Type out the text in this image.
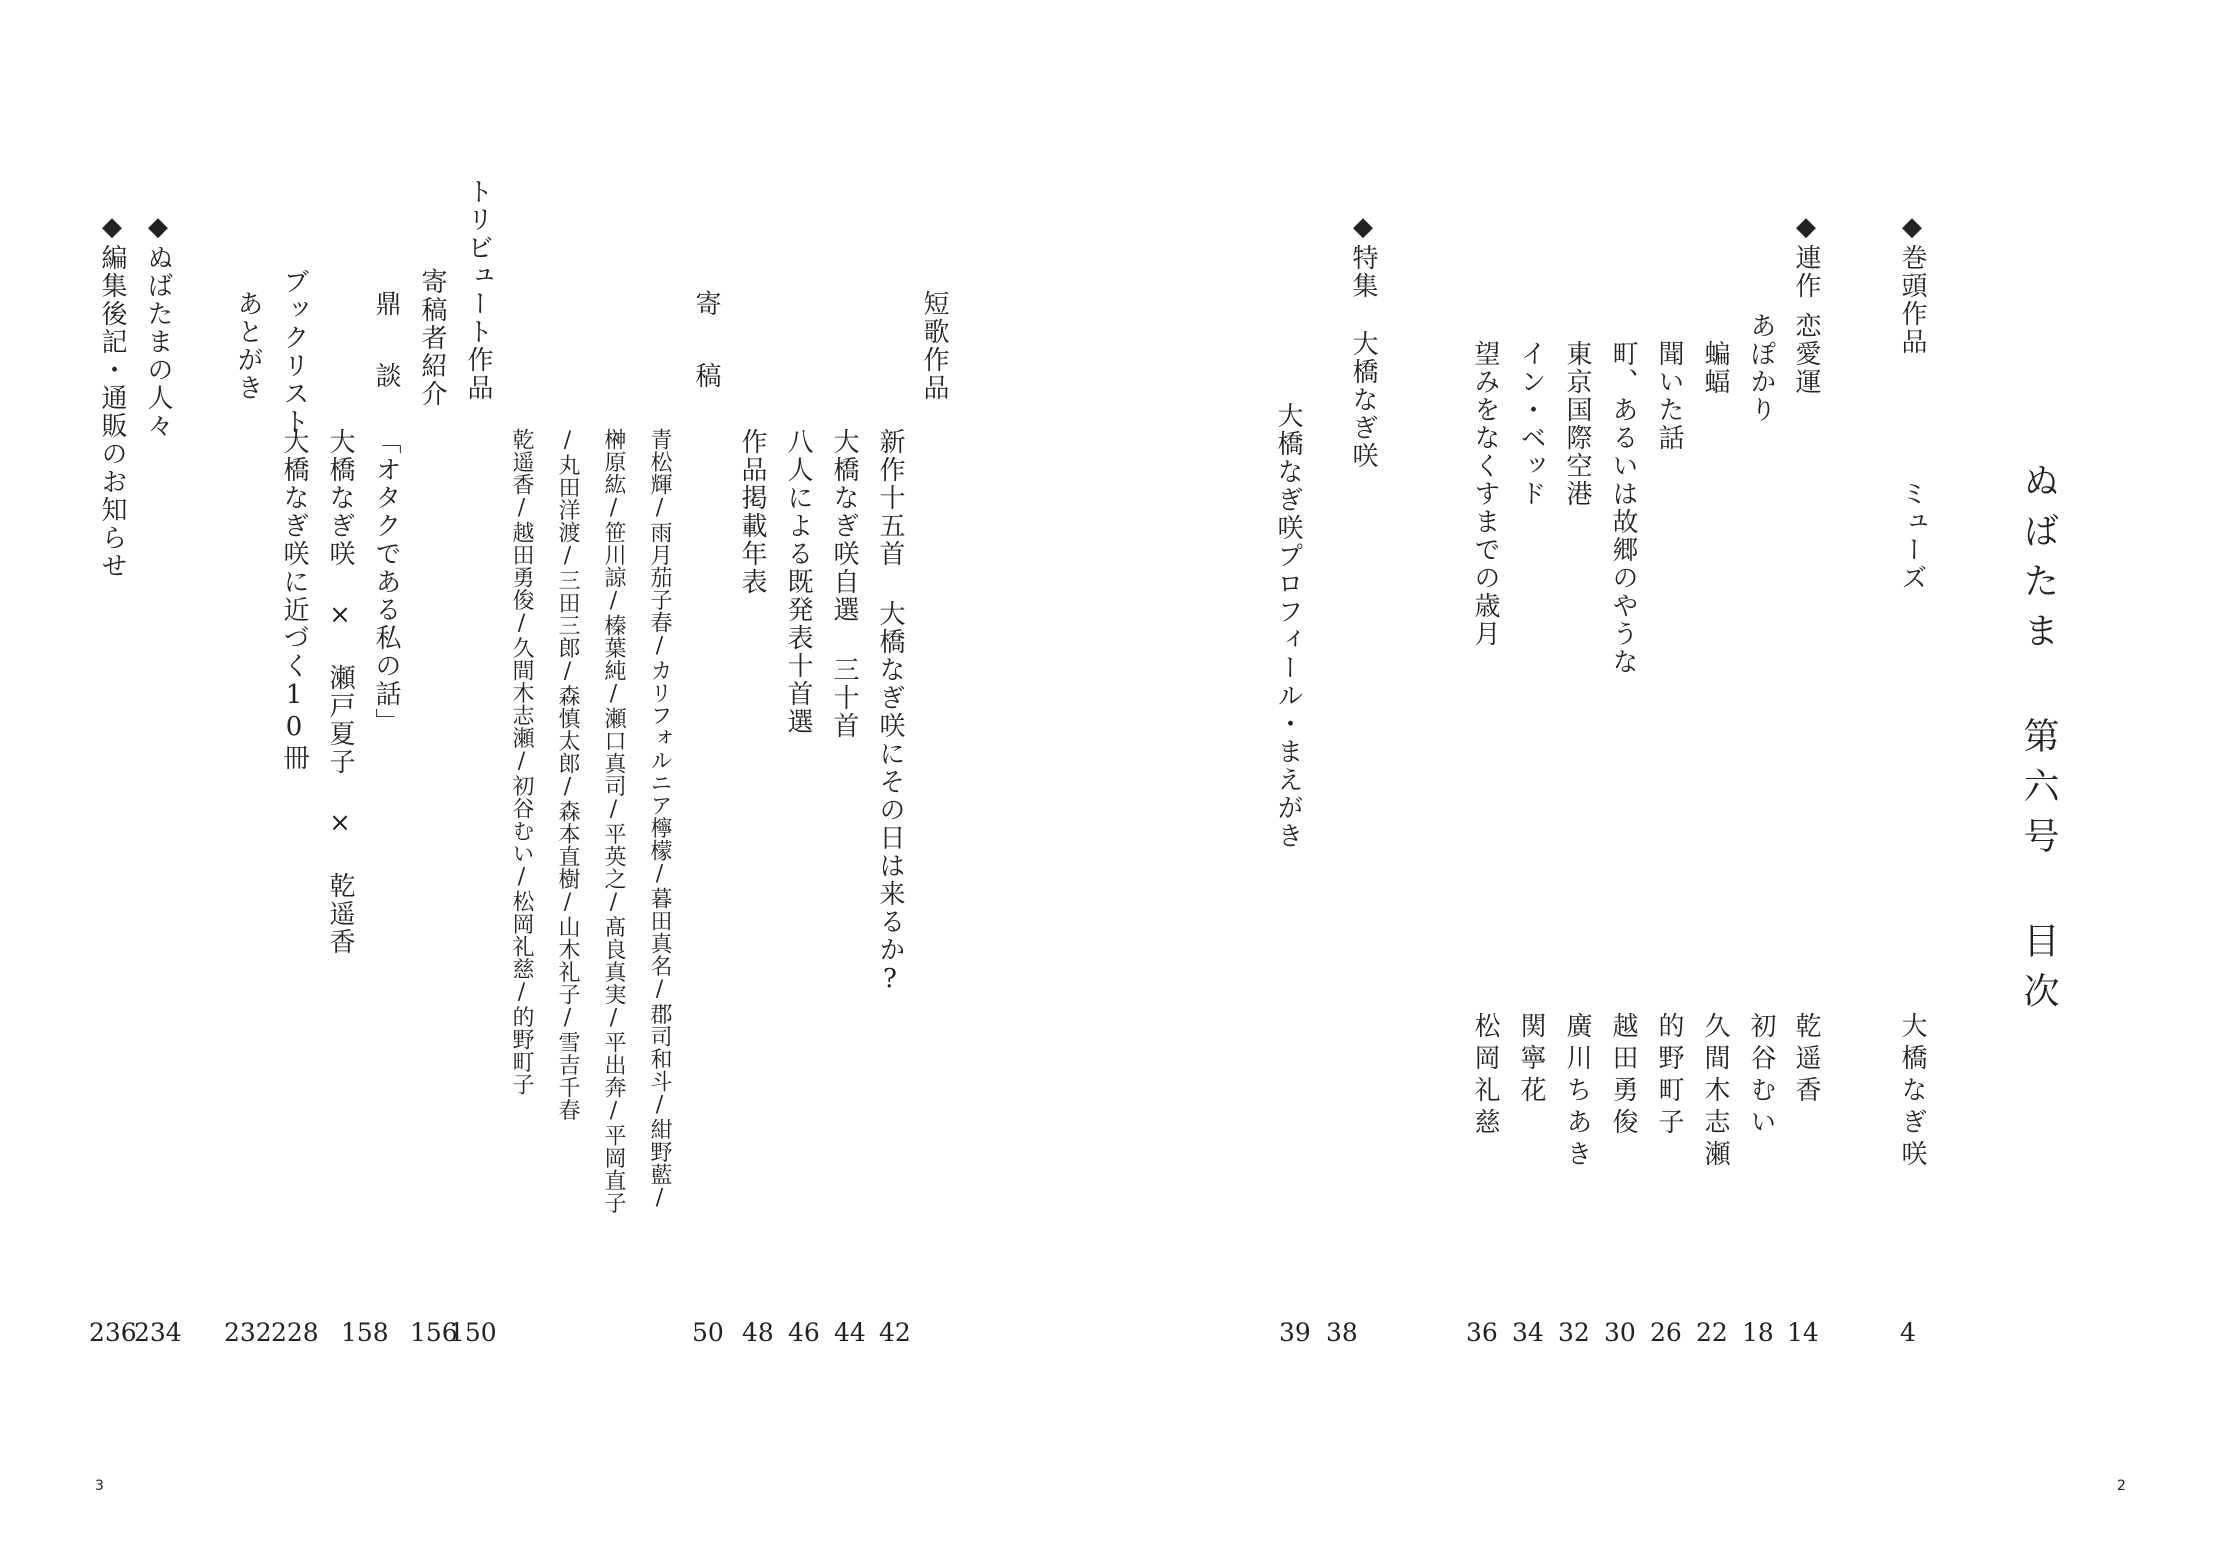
ぬばたま 第六号 目次
◆巻頭作品
ミューズ
大橋なぎ咲
4
◆連作
恋愛運
乾遥香
14
あぽかり
初谷むい
18
蝙蝠
久間木志瀬
22
聞いた話
的野町子
26
町、あるいは故郷のやうな
越田勇俊
30
東京国際空港
廣川ちあき
32
イン・ベッド
関寧花
34
望みをなくすまでの歳月
松岡礼慈
36
◆特集
大橋なぎ咲
38
大橋なぎ咲プロフィール・まえがき
39
2
短歌作品
新作十五首 大橋なぎ咲にその日は来るか?
42
大橋なぎ咲自選 三十首
44
八人による既発表十首選
46
作品掲載年表
48
寄　稿
50
青松輝/雨月茄子春/カリフォルニア檸檬/暮田真名/郡司和斗/紺野藍/
榊原紘/笹川諒/榛葉純/瀬口真司/平英之/髙良真実/平出奔/平岡直子
/丸田洋渡/三田三郎/森慎太郎/森本直樹/山木礼子/雪吉千春
乾遥香/越田勇俊/久間木志瀬/初谷むい/松岡礼慈/的野町子
トリビュート作品
150
寄稿者紹介
156
鼎　談
「オタクである私の話」
大橋なぎ咲 × 瀬戸夏子 × 乾遥香
158
ブックリスト
大橋なぎ咲に近づく10冊
228
あとがき
232
◆ぬばたまの人々
234
◆編集後記・通販のお知らせ
236
3
